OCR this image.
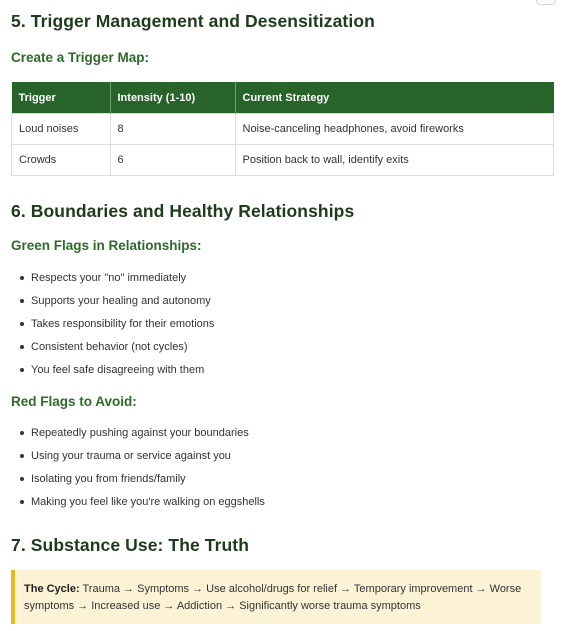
5. Trigger Management and Desensitization
Create a Trigger Map:
Trigger	Intensity (1-10)	Current Strategy
Loud noises	8	Noise-canceling headphones, avoid fireworks
Crowds	6	Position back to wall, identify exits
6. Boundaries and Healthy Relationships
Green Flags in Relationships:
Respects your "no" immediately
Supports your healing and autonomy
Takes responsibility for their emotions
Consistent behavior (not cycles)
You feel safe disagreeing with them
Red Flags to Avoid:
Repeatedly pushing against your boundaries
Using your trauma or service against you
Isolating you from friends/family
Making you feel like you're walking on eggshells
7. Substance Use: The Truth
The Cycle: Trauma → Symptoms → Use alcohol/drugs for relief → Temporary improvement → Worse symptoms → Increased use → Addiction → Significantly worse trauma symptoms
